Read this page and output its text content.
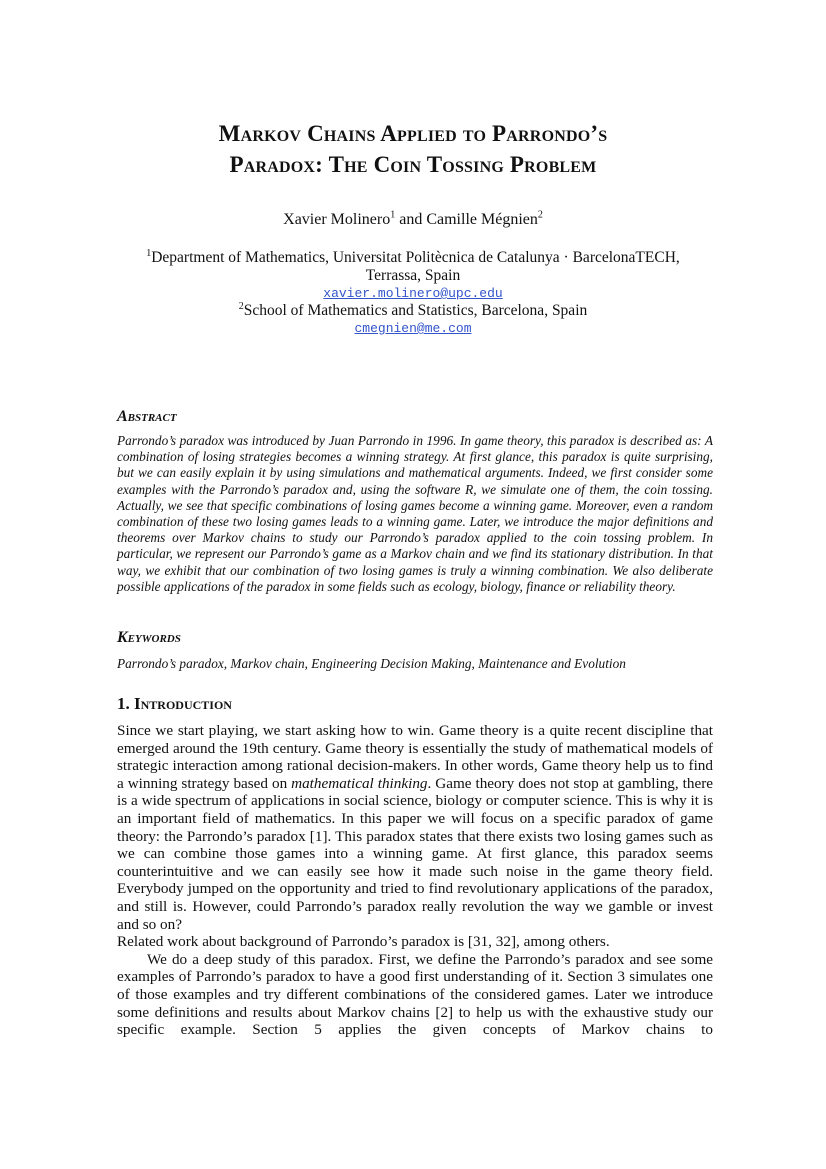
Markov Chains Applied to Parrondo’s
Paradox: The Coin Tossing Problem
Xavier Molinero$^1$ and Camille Mégnien$^2$
$^1$Department of Mathematics, Universitat Politècnica de Catalunya · BarcelonaTECH,
Terrassa, Spain
xavier.molinero@upc.edu
$^2$School of Mathematics and Statistics, Barcelona, Spain
cmegnien@me.com
Abstract

Parrondo’s paradox was introduced by Juan Parrondo in 1996. In game theory, this paradox is described as: A combination of losing strategies becomes a winning strategy. At first glance, this paradox is quite surprising, but we can easily explain it by using simulations and mathematical arguments. Indeed, we first consider some examples with the Parrondo’s paradox and, using the software R, we simulate one of them, the coin tossing. Actually, we see that specific combinations of losing games become a winning game. Moreover, even a random combination of these two losing games leads to a winning game. Later, we introduce the major definitions and theorems over Markov chains to study our Parrondo’s paradox applied to the coin tossing problem. In particular, we represent our Parrondo’s game as a Markov chain and we find its stationary distribution. In that way, we exhibit that our combination of two losing games is truly a winning combination. We also deliberate possible applications of the paradox in some fields such as ecology, biology, finance or reliability theory.

Keywords

Parrondo’s paradox, Markov chain, Engineering Decision Making, Maintenance and Evolution

1. Introduction

Since we start playing, we start asking how to win. Game theory is a quite recent discipline that emerged around the 19th century. Game theory is essentially the study of mathematical models of strategic interaction among rational decision-makers. In other words, Game theory help us to find a winning strategy based on mathematical thinking. Game theory does not stop at gambling, there is a wide spectrum of applications in social science, biology or computer science. This is why it is an important field of mathematics. In this paper we will focus on a specific paradox of game theory: the Parrondo’s paradox [1]. This paradox states that there exists two losing games such as we can combine those games into a winning game. At first glance, this paradox seems counterintuitive and we can easily see how it made such noise in the game theory field. Everybody jumped on the opportunity and tried to find revolutionary applications of the paradox, and still is. However, could Parrondo’s paradox really revolution the way we gamble or invest and so on?

Related work about background of Parrondo’s paradox is [31, 32], among others.

We do a deep study of this paradox. First, we define the Parrondo’s paradox and see some examples of Parrondo’s paradox to have a good first understanding of it. Section 3 simulates one of those examples and try different combinations of the considered games. Later we introduce some definitions and results about Markov chains [2] to help us with the exhaustive study our specific example. Section 5 applies the given concepts of Markov chains to
